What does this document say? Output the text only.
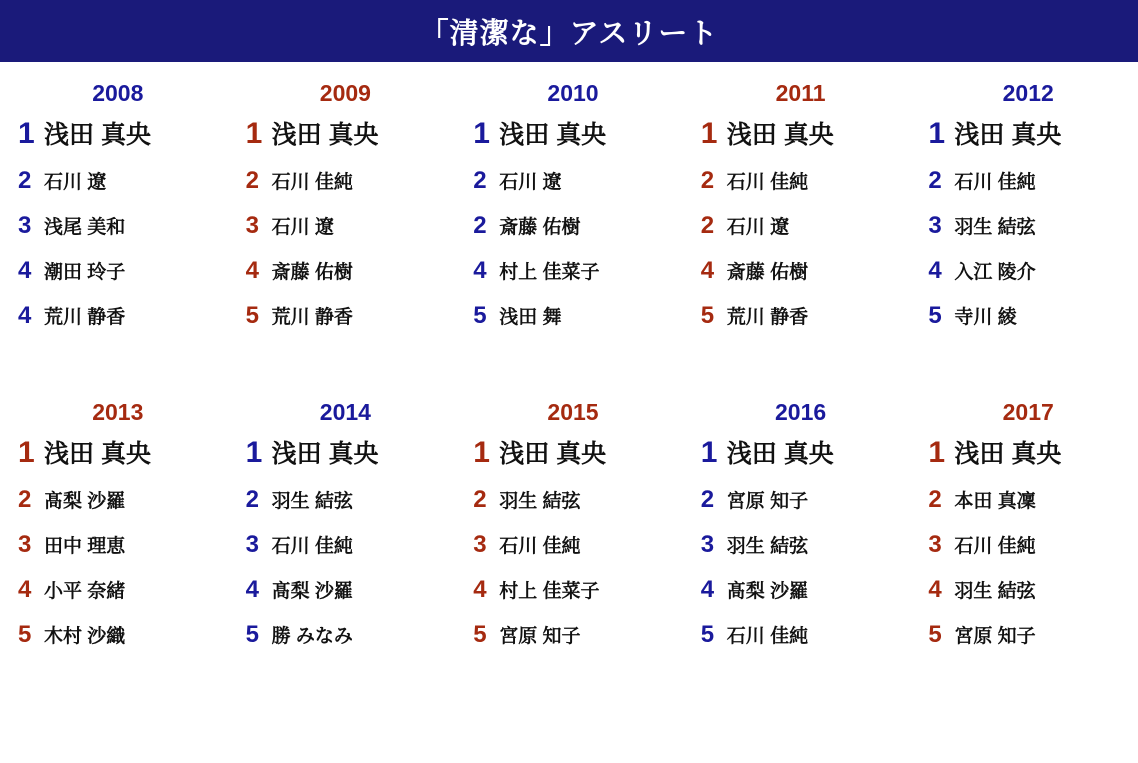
「清潔な」アスリート
2008
1 浅田 真央
2 石川 遼
3 浅尾 美和
4 潮田 玲子
4 荒川 静香
2009
1 浅田 真央
2 石川 佳純
3 石川 遼
4 斎藤 佑樹
5 荒川 静香
2010
1 浅田 真央
2 石川 遼
2 斎藤 佑樹
4 村上 佳菜子
5 浅田 舞
2011
1 浅田 真央
2 石川 佳純
2 石川 遼
4 斎藤 佑樹
5 荒川 静香
2012
1 浅田 真央
2 石川 佳純
3 羽生 結弦
4 入江 陵介
5 寺川 綾
2013
1 浅田 真央
2 髙梨 沙羅
3 田中 理恵
4 小平 奈緒
5 木村 沙織
2014
1 浅田 真央
2 羽生 結弦
3 石川 佳純
4 髙梨 沙羅
5 勝 みなみ
2015
1 浅田 真央
2 羽生 結弦
3 石川 佳純
4 村上 佳菜子
5 宮原 知子
2016
1 浅田 真央
2 宮原 知子
3 羽生 結弦
4 髙梨 沙羅
5 石川 佳純
2017
1 浅田 真央
2 本田 真凜
3 石川 佳純
4 羽生 結弦
5 宮原 知子
